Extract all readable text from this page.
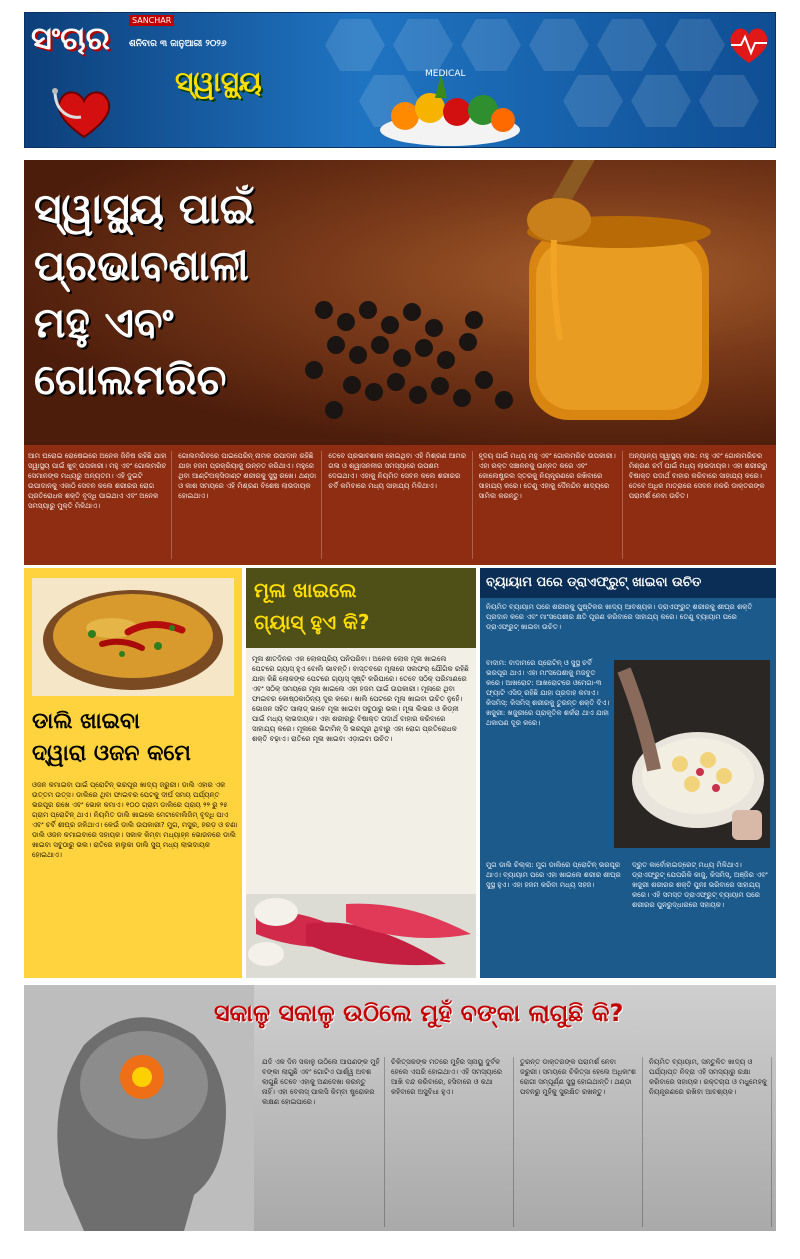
ସଂଚାର	SANCHAR
ଶନିବାର ୩ ଜାନୁଆରୀ ୨୦୨୬
ସ୍ୱାସ୍ଥ୍ୟ	MEDICAL
ସ୍ୱାସ୍ଥ୍ୟ ପାଇଁ
ପ୍ରଭାବଶାଳୀ
ମହୁ ଏବଂ
ଗୋଲମରିଚ
ଆମ ଘରୋଇ ରୋଷେଇରେ ଅନେକ ଜିନିଷ ରହିଛି ଯାହା ସ୍ୱାସ୍ଥ୍ୟ ପାଇଁ ଖୁବ୍ ଉପକାରୀ। ମହୁ ଏବଂ ଗୋଲମରିଚ ସେମାନଙ୍କ ମଧ୍ୟରୁ ଅନ୍ୟତମ। ଏହି ଦୁଇଟି ଉପାଦାନକୁ ଏକାଠି ସେବନ କଲେ ଶରୀରର ରୋଗ ପ୍ରତିରୋଧକ ଶକ୍ତି ବୃଦ୍ଧି ପାଇଥାଏ ଏବଂ ଅନେକ ସମସ୍ୟାରୁ ମୁକ୍ତି ମିଳିଥାଏ।
ଗୋଲମରିଚରେ ପାଇପେରିନ୍ ନାମକ ଉପାଦାନ ରହିଛି ଯାହା ହଜମ ପ୍ରକ୍ରିୟାକୁ ଉନ୍ନତ କରିଥାଏ। ମହୁରେ ଥିବା ଆଣ୍ଟିଅକ୍ସିଡାଣ୍ଟ ଶରୀରକୁ ସୁସ୍ଥ ରଖେ। ଥଣ୍ଡା ଓ କାଶ ସମୟରେ ଏହି ମିଶ୍ରଣ ବିଶେଷ ଲାଭଦାୟକ ହୋଇଥାଏ।
ତେବେ ପ୍ରଭାବଶାଳୀ ହୋଇଥିବା ଏହି ମିଶ୍ରଣ ଆମର ଗଳା ଓ ଶ୍ୱାସନଳୀର ସମସ୍ୟାରେ ଉପଶମ ଦେଇଥାଏ। ଏହାକୁ ନିୟମିତ ସେବନ କଲେ ଶରୀରର ଚର୍ବି କମିବାରେ ମଧ୍ୟ ସାହାଯ୍ୟ ମିଳିଥାଏ।
ହୃଦୟ ପାଇଁ ମଧ୍ୟ ମହୁ ଏବଂ ଗୋଲମରିଚ ଉପକାରୀ। ଏହା ରକ୍ତ ସଞ୍ଚାଳନକୁ ଉନ୍ନତ କରେ ଏବଂ କୋଲେଷ୍ଟ୍ରଲ ସ୍ତରକୁ ନିୟନ୍ତ୍ରଣରେ ରଖିବାରେ ସାହାଯ୍ୟ କରେ। ତେଣୁ ଏହାକୁ ଦୈନନ୍ଦିନ ଖାଦ୍ୟରେ ସାମିଲ କରନ୍ତୁ।
ଅନ୍ୟାନ୍ୟ ସ୍ୱାସ୍ଥ୍ୟ ଲାଭ: ମହୁ ଏବଂ ଗୋଲମରିଚର ମିଶ୍ରଣ ଚର୍ମ ପାଇଁ ମଧ୍ୟ ଲାଭଦାୟକ। ଏହା ଶରୀରରୁ ବିଷାକ୍ତ ପଦାର୍ଥ ବାହାର କରିବାରେ ସାହାଯ୍ୟ କରେ। ତେବେ ଅଧିକ ମାତ୍ରାରେ ସେବନ ନକରି ଡାକ୍ତରଙ୍କ ପରାମର୍ଶ ନେବା ଉଚିତ।
ଡାଲି ଖାଇବା
ଦ୍ୱାରା ଓଜନ କମେ
ଓଜନ କମାଇବା ପାଇଁ ପ୍ରୋଟିନ୍ ଭରପୂର ଖାଦ୍ୟ ଜରୁରୀ। ଡାଲି ଏହାର ଏକ ଉତ୍ତମ ଉତ୍ସ। ଡାଲିରେ ଥିବା ଫାଇବର ପେଟକୁ ଦୀର୍ଘ ସମୟ ପର୍ଯ୍ୟନ୍ତ ଭରପୂର ରଖେ ଏବଂ ଭୋକ କମାଏ। ୧୦୦ ଗ୍ରାମ ଡାଲିରେ ପ୍ରାୟ ୨୨ ରୁ ୨୫ ଗ୍ରାମ ପ୍ରୋଟିନ୍ ଥାଏ। ନିୟମିତ ଡାଲି ଖାଇଲେ ମେଟାବୋଲିଜିମ୍ ବୃଦ୍ଧି ପାଏ ଏବଂ ଚର୍ବି ଶୀଘ୍ର ଜଳିଥାଏ। କେଉଁ ଡାଲି ଉପକାରୀ? ମୁଗ, ମସୁର, ହରଡ଼ ଓ ଚଣା ଡାଲି ଓଜନ କମାଇବାରେ ସହାୟକ। ସକାଳ କିମ୍ବା ମଧ୍ୟାହ୍ନ ଭୋଜନରେ ଡାଲି ଖାଇବା ସବୁଠାରୁ ଭଲ। ରାତିରେ ହାଲୁକା ଡାଲି ସୁପ୍ ମଧ୍ୟ ଲାଭଦାୟକ ହୋଇଥାଏ।
ମୂଳା ଖାଇଲେ
ଗ୍ୟାସ୍ ହୁଏ କି?
ମୂଳା ଶୀତଦିନର ଏକ ଲୋକପ୍ରିୟ ପନିପରିବା। ଅନେକ ଲୋକ ମୂଳା ଖାଇଲେ ପେଟରେ ଗ୍ୟାସ୍ ହୁଏ ବୋଲି ଭାବନ୍ତି। ବାସ୍ତବରେ ମୂଳାରେ ସଲଫର୍ ଯୌଗିକ ରହିଛି ଯାହା କିଛି ଲୋକଙ୍କ ପେଟରେ ଗ୍ୟାସ୍ ସୃଷ୍ଟି କରିପାରେ। ତେବେ ସଠିକ୍ ପରିମାଣରେ ଏବଂ ସଠିକ୍ ସମୟରେ ମୂଳା ଖାଇଲେ ଏହା ହଜମ ପାଇଁ ଉପକାରୀ। ମୂଳାରେ ଥିବା ଫାଇବର କୋଷ୍ଠକାଠିନ୍ୟ ଦୂର କରେ। ଖାଲି ପେଟରେ ମୂଳା ଖାଇବା ଉଚିତ ନୁହେଁ। ଭୋଜନ ସହିତ ସାଲାଡ୍ ଭାବେ ମୂଳା ଖାଇବା ସବୁଠାରୁ ଭଲ। ମୂଳା ଲିଭର ଓ କିଡ୍ନୀ ପାଇଁ ମଧ୍ୟ ଲାଭଦାୟକ। ଏହା ଶରୀରରୁ ବିଷାକ୍ତ ପଦାର୍ଥ ବାହାର କରିବାରେ ସାହାଯ୍ୟ କରେ। ମୂଳାରେ ଭିଟାମିନ୍ ସି ଭରପୂର ଥିବାରୁ ଏହା ରୋଗ ପ୍ରତିରୋଧକ ଶକ୍ତି ବଢ଼ାଏ। ରାତିରେ ମୂଳା ଖାଇବା ଏଡ଼ାଇବା ଉଚିତ।
ବ୍ୟାୟାମ ପରେ ଡ୍ରାଏଫ୍ରୁଟ୍ ଖାଇବା ଉଚିତ
ନିୟମିତ ବ୍ୟାୟାମ ପରେ ଶରୀରକୁ ପୁଷ୍ଟିକର ଖାଦ୍ୟ ଆବଶ୍ୟକ। ଡ୍ରାଏଫ୍ରୁଟ୍ ଶରୀରକୁ ଶୀଘ୍ର ଶକ୍ତି ପ୍ରଦାନ କରେ ଏବଂ ମାଂସପେଶୀର କ୍ଷତି ପୂରଣ କରିବାରେ ସାହାଯ୍ୟ କରେ। ତେଣୁ ବ୍ୟାୟାମ ପରେ ଡ୍ରାଏଫ୍ରୁଟ୍ ଖାଇବା ଉଚିତ।
ବାଦାମ: ବାଦାମରେ ପ୍ରୋଟିନ୍ ଓ ସୁସ୍ଥ ଚର୍ବି ଭରପୂର ଥାଏ। ଏହା ମାଂସପେଶୀକୁ ମଜବୁତ କରେ। ଆଖରୋଟ: ଆଖରୋଟରେ ଓମେଗା-୩ ଫ୍ୟାଟି ଏସିଡ୍ ରହିଛି ଯାହା ପ୍ରଦାହ କମାଏ। କିସମିସ୍: କିସମିସ୍ ଶରୀରକୁ ତୁରନ୍ତ ଶକ୍ତି ଦିଏ। ଖଜୁରୀ: ଖଜୁରୀରେ ପ୍ରାକୃତିକ ଶର୍କରା ଥାଏ ଯାହା ଥକାପଣ ଦୂର କରେ।
ମୁଗ ଡାଲି ଚିଲ୍ଲା: ମୁଗ ଡାଲିରେ ପ୍ରୋଟିନ୍ ଭରପୂର ଥାଏ। ବ୍ୟାୟାମ ପରେ ଏହା ଖାଇଲେ ଶରୀର ଶୀଘ୍ର ସୁସ୍ଥ ହୁଏ। ଏହା ହଜମ କରିବା ମଧ୍ୟ ସହଜ।
ଦ୍ରୁତ କାର୍ବୋହାଇଡ୍ରେଟ୍ ମଧ୍ୟ ମିଳିଥାଏ। ଡ୍ରାଏଫ୍ରୁଟ୍ ଯେପରିକି କାଜୁ, କିସମିସ୍, ଅଞ୍ଜିର ଏବଂ ଖଜୁରୀ ଶରୀରର ଶକ୍ତି ପୁନଃ ଭରିବାରେ ସାହାଯ୍ୟ କରେ। ଏହି ସମସ୍ତ ଡ୍ରାଏଫ୍ରୁଟ୍ ବ୍ୟାୟାମ ପରେ ଶରୀରର ପୁନରୁଦ୍ଧାରରେ ସହାୟକ।
ସକାଳୁ ସକାଳୁ ଉଠିଲେ ମୁହଁ ବଙ୍କା ଲାଗୁଛି କି?
ଯଦି ଏକ ଦିନ ସକାଳୁ ଉଠିଲେ ଆପଣଙ୍କ ମୁହଁ ବଙ୍କା ଲାଗୁଛି ଏବଂ ଗୋଟିଏ ପାର୍ଶ୍ୱ ଅବଶ ଲାଗୁଛି ତେବେ ଏହାକୁ ଅଣଦେଖା କରନ୍ତୁ ନାହିଁ। ଏହା ବେଲସ୍ ପାଲସି କିମ୍ବା ଷ୍ଟ୍ରୋକର ଲକ୍ଷଣ ହୋଇପାରେ।
ଚିକିତ୍ସକଙ୍କ ମତରେ ମୁହଁର ସ୍ନାୟୁ ଦୁର୍ବଳ ହେଲେ ଏପରି ହୋଇଥାଏ। ଏହି ସମସ୍ୟାରେ ଆଖି ବନ୍ଦ କରିବାରେ, ହସିବାରେ ଓ କଥା କହିବାରେ ଅସୁବିଧା ହୁଏ।
ତୁରନ୍ତ ଡାକ୍ତରଙ୍କ ପରାମର୍ଶ ନେବା ଜରୁରୀ। ସମୟରେ ଚିକିତ୍ସା ହେଲେ ଅଧିକାଂଶ ରୋଗୀ ସମ୍ପୂର୍ଣ୍ଣ ସୁସ୍ଥ ହୋଇଥାନ୍ତି। ଥଣ୍ଡା ପବନରୁ ମୁହଁକୁ ସୁରକ୍ଷିତ ରଖନ୍ତୁ।
ନିୟମିତ ବ୍ୟାୟାମ, ସନ୍ତୁଳିତ ଖାଦ୍ୟ ଓ ପର୍ଯ୍ୟାପ୍ତ ନିଦ୍ରା ଏହି ସମସ୍ୟାରୁ ରକ୍ଷା କରିବାରେ ସହାୟକ। ରକ୍ତଚାପ ଓ ମଧୁମେହକୁ ନିୟନ୍ତ୍ରଣରେ ରଖିବା ଆବଶ୍ୟକ।
